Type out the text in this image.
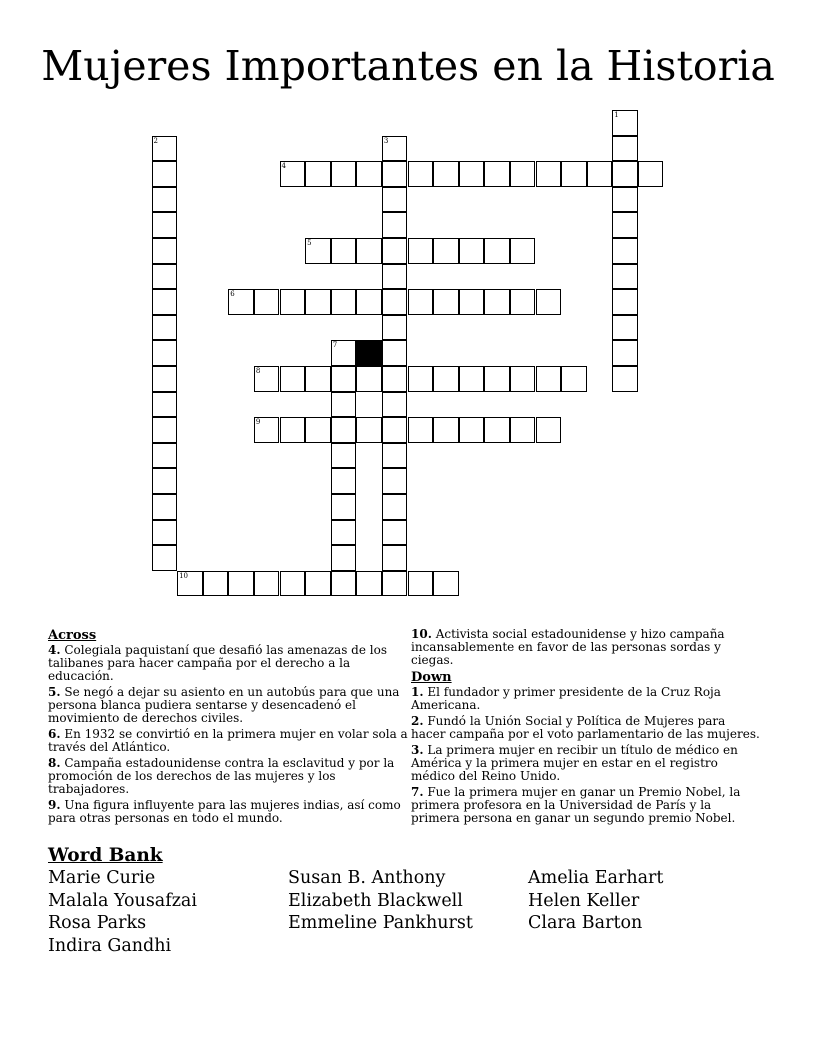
Mujeres Importantes en la Historia
1
2	3
4
5
6
7
8
9
10
Across
4. Colegiala paquistaní que desafió las amenazas de los talibanes para hacer campaña por el derecho a la educación.
5. Se negó a dejar su asiento en un autobús para que una persona blanca pudiera sentarse y desencadenó el movimiento de derechos civiles.
6. En 1932 se convirtió en la primera mujer en volar sola a través del Atlántico.
8. Campaña estadounidense contra la esclavitud y por la promoción de los derechos de las mujeres y los trabajadores.
9. Una figura influyente para las mujeres indias, así como para otras personas en todo el mundo.
10. Activista social estadounidense y hizo campaña incansablemente en favor de las personas sordas y ciegas.
Down
1. El fundador y primer presidente de la Cruz Roja Americana.
2. Fundó la Unión Social y Política de Mujeres para hacer campaña por el voto parlamentario de las mujeres.
3. La primera mujer en recibir un título de médico en América y la primera mujer en estar en el registro médico del Reino Unido.
7. Fue la primera mujer en ganar un Premio Nobel, la primera profesora en la Universidad de París y la primera persona en ganar un segundo premio Nobel.
Word Bank
Marie Curie
Malala Yousafzai
Rosa Parks
Indira Gandhi
Susan B. Anthony
Elizabeth Blackwell
Emmeline Pankhurst
Amelia Earhart
Helen Keller
Clara Barton
